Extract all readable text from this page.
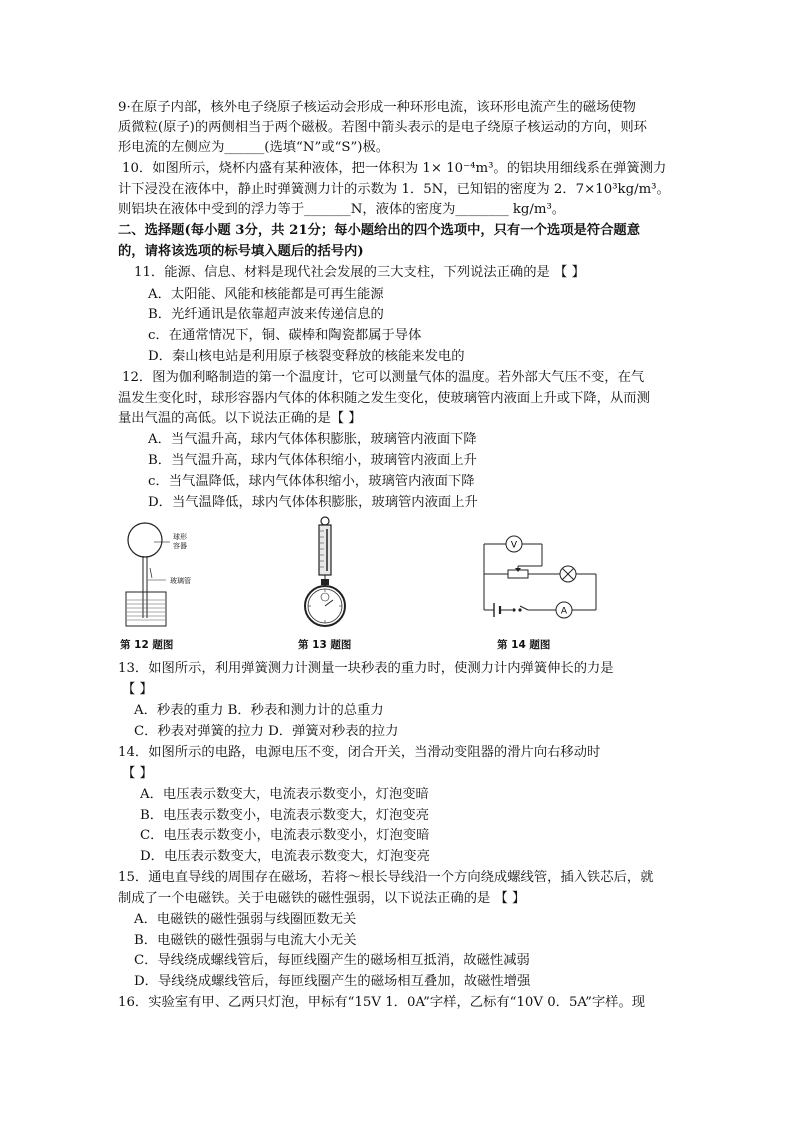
9·在原子内部，核外电子绕原子核运动会形成一种环形电流，该环形电流产生的磁场使物
质微粒(原子)的两侧相当于两个磁极。若图中箭头表示的是电子绕原子核运动的方向，则环
形电流的左侧应为______(选填“N”或“S”)极。
10．如图所示，烧杯内盛有某种液体，把一体积为 1× 10⁻⁴m³。的铝块用细线系在弹簧测力
计下浸没在液体中，静止时弹簧测力计的示数为 1．5N，已知铝的密度为 2．7×10³kg/m³。
则铝块在液体中受到的浮力等于_______N，液体的密度为________ kg/m³。
二、选择题(每小题 3分，共 21分；每小题给出的四个选项中，只有一个选项是符合题意
的，请将该选项的标号填入题后的括号内)
11．能源、信息、材料是现代社会发展的三大支柱，下列说法正确的是 【 】
A．太阳能、风能和核能都是可再生能源
B．光纤通讯是依靠超声波来传递信息的
c．在通常情况下，铜、碳棒和陶瓷都属于导体
D．秦山核电站是利用原子核裂变释放的核能来发电的
12．图为伽利略制造的第一个温度计，它可以测量气体的温度。若外部大气压不变，在气
温发生变化时，球形容器内气体的体积随之发生变化，使玻璃管内液面上升或下降，从而测
量出气温的高低。以下说法正确的是【 】
A．当气温升高，球内气体体积膨胀，玻璃管内液面下降
B．当气温升高，球内气体体积缩小，玻璃管内液面上升
c．当气温降低，球内气体体积缩小，玻璃管内液面下降
D．当气温降低，球内气体体积膨胀，玻璃管内液面上升
球形
容器
玻璃管
V
A
第 12 题图	第 13 题图	第 14 题图
13．如图所示，利用弹簧测力计测量一块秒表的重力时，使测力计内弹簧伸长的力是
【 】
A．秒表的重力 B．秒表和测力计的总重力
C．秒表对弹簧的拉力 D．弹簧对秒表的拉力
14．如图所示的电路，电源电压不变，闭合开关，当滑动变阻器的滑片向右移动时
【 】
A．电压表示数变大，电流表示数变小，灯泡变暗
B．电压表示数变小，电流表示数变大，灯泡变亮
C．电压表示数变小，电流表示数变小，灯泡变暗
D．电压表示数变大，电流表示数变大，灯泡变亮
15．通电直导线的周围存在磁场，若将～根长导线沿一个方向绕成螺线管，插入铁芯后，就
制成了一个电磁铁。关于电磁铁的磁性强弱，以下说法正确的是 【 】
A．电磁铁的磁性强弱与线圈匝数无关
B．电磁铁的磁性强弱与电流大小无关
C．导线绕成螺线管后，每匝线圈产生的磁场相互抵消，故磁性减弱
D．导线绕成螺线管后，每匝线圈产生的磁场相互叠加，故磁性增强
16．实验室有甲、乙两只灯泡，甲标有“15V 1．0A”字样，乙标有“10V 0．5A”字样。现
